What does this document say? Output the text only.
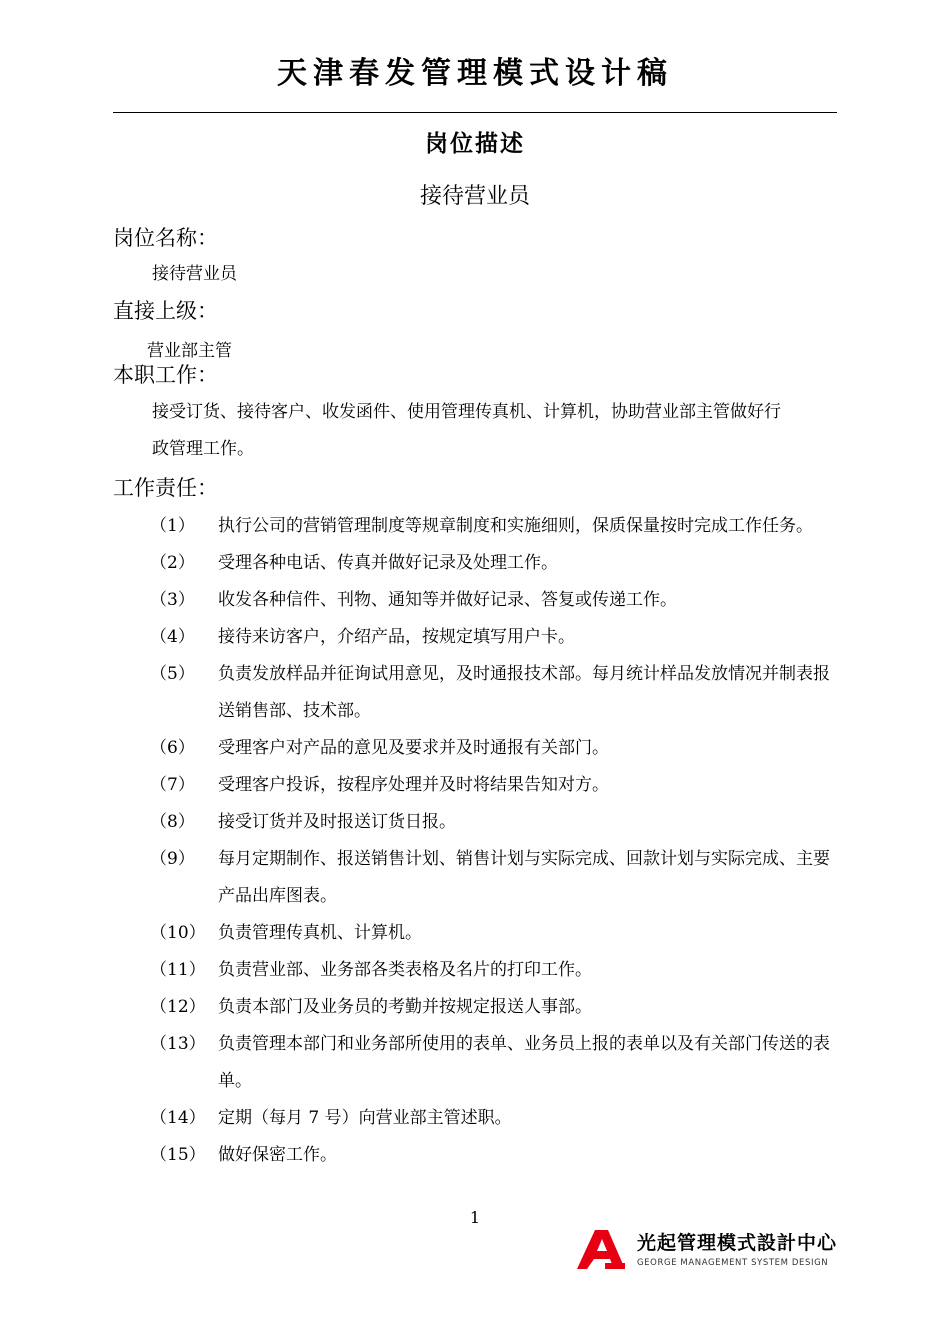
天津春发管理模式设计稿
岗位描述
接待营业员
岗位名称：
接待营业员
直接上级：
营业部主管
本职工作：
接受订货、接待客户、收发函件、使用管理传真机、计算机，协助营业部主管做好行
政管理工作。
工作责任：
（1）	执行公司的营销管理制度等规章制度和实施细则，保质保量按时完成工作任务。
（2）	受理各种电话、传真并做好记录及处理工作。
（3）	收发各种信件、刊物、通知等并做好记录、答复或传递工作。
（4）	接待来访客户，介绍产品，按规定填写用户卡。
（5）	负责发放样品并征询试用意见，及时通报技术部。每月统计样品发放情况并制表报送销售部、技术部。
（6）	受理客户对产品的意见及要求并及时通报有关部门。
（7）	受理客户投诉，按程序处理并及时将结果告知对方。
（8）	接受订货并及时报送订货日报。
（9）	每月定期制作、报送销售计划、销售计划与实际完成、回款计划与实际完成、主要产品出库图表。
（10） 负责管理传真机、计算机。
（11） 负责营业部、业务部各类表格及名片的打印工作。
（12） 负责本部门及业务员的考勤并按规定报送人事部。
（13） 负责管理本部门和业务部所使用的表单、业务员上报的表单以及有关部门传送的表单。
（14） 定期（每月 7 号）向营业部主管述职。
（15） 做好保密工作。
1
光起管理模式設計中心
GEORGE MANAGEMENT SYSTEM DESIGN
